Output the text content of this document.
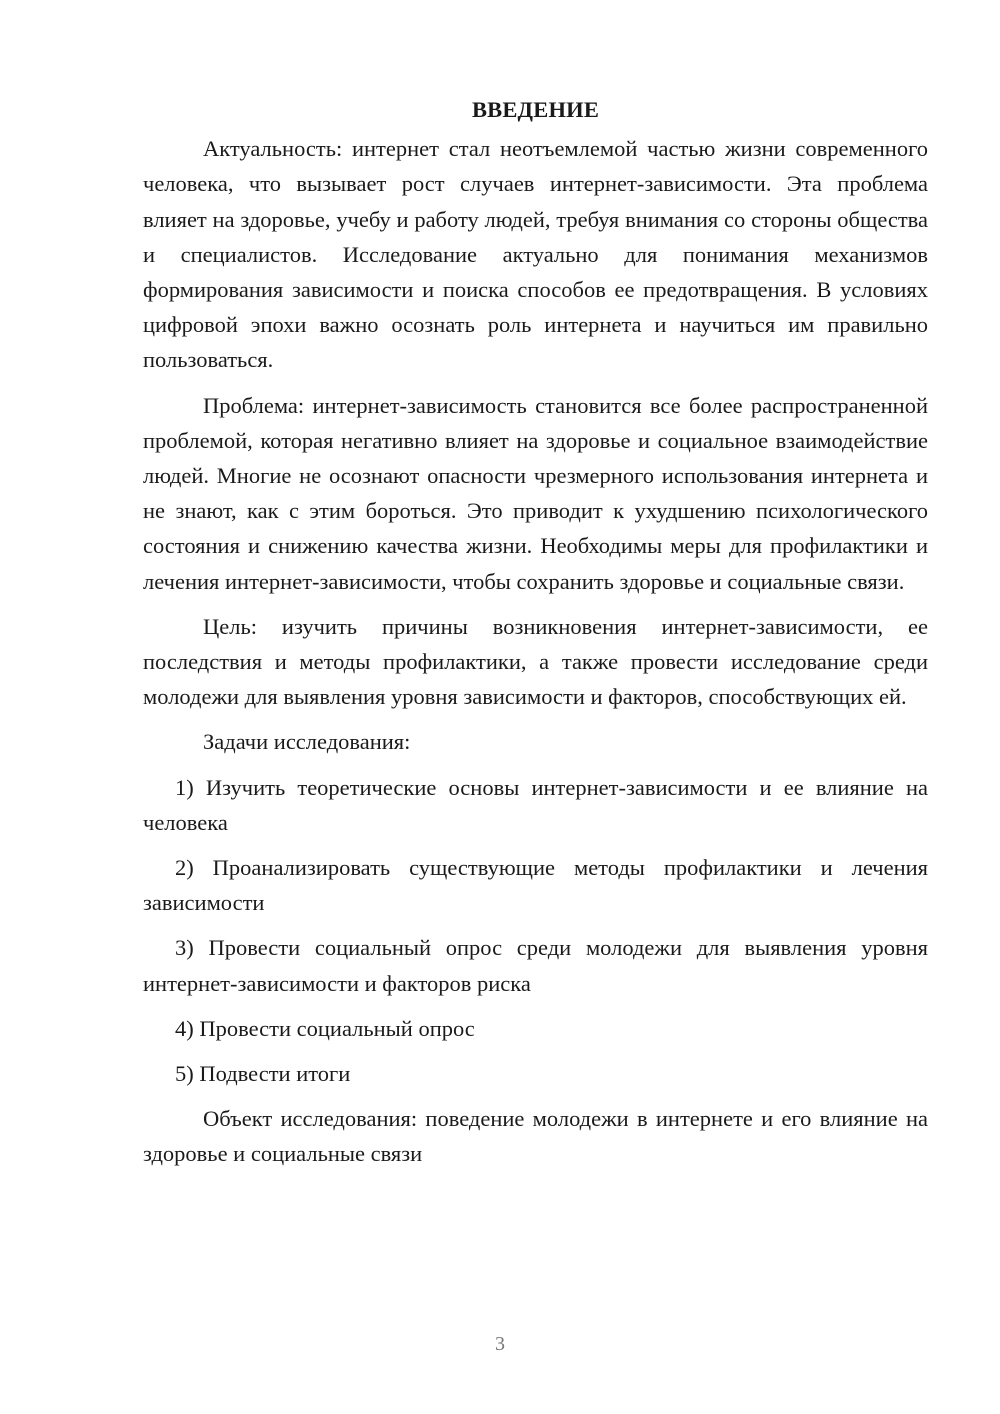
ВВЕДЕНИЕ

Актуальность: интернет стал неотъемлемой частью жизни современного человека, что вызывает рост случаев интернет-зависимости. Эта проблема влияет на здоровье, учебу и работу людей, требуя внимания со стороны общества и специалистов. Исследование актуально для понимания механизмов формирования зависимости и поиска способов ее предотвращения. В условиях цифровой эпохи важно осознать роль интернета и научиться им правильно пользоваться.

Проблема: интернет-зависимость становится все более распространенной проблемой, которая негативно влияет на здоровье и социальное взаимодействие людей. Многие не осознают опасности чрезмерного использования интернета и не знают, как с этим бороться. Это приводит к ухудшению психологического состояния и снижению качества жизни. Необходимы меры для профилактики и лечения интернет-зависимости, чтобы сохранить здоровье и социальные связи.

Цель: изучить причины возникновения интернет-зависимости, ее последствия и методы профилактики, а также провести исследование среди молодежи для выявления уровня зависимости и факторов, способствующих ей.

Задачи исследования:

1) Изучить теоретические основы интернет-зависимости и ее влияние на человека

2) Проанализировать существующие методы профилактики и лечения зависимости

3) Провести социальный опрос среди молодежи для выявления уровня интернет-зависимости и факторов риска

4) Провести социальный опрос

5) Подвести итоги

Объект исследования: поведение молодежи в интернете и его влияние на здоровье и социальные связи

3
